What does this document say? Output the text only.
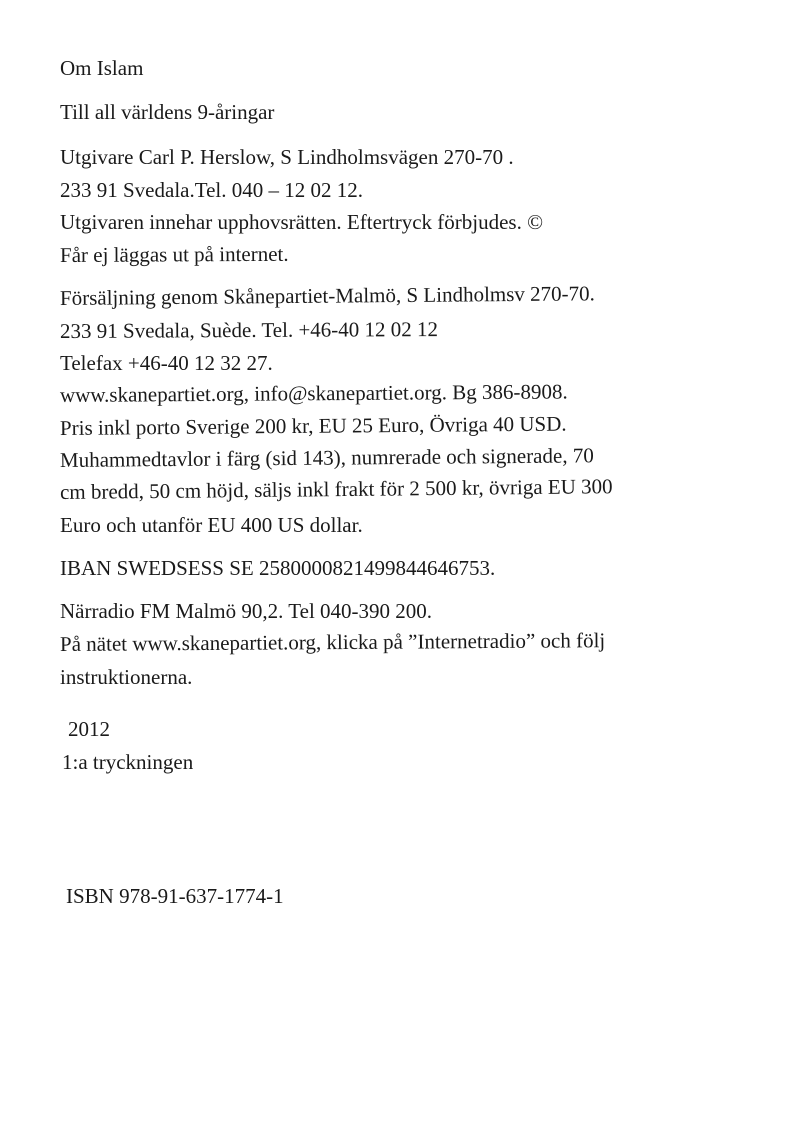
Om Islam
Till all världens 9-åringar
Utgivare Carl P. Herslow, S Lindholmsvägen 270-70 .
233 91 Svedala.Tel. 040 – 12 02 12.
Utgivaren innehar upphovsrätten. Eftertryck förbjudes. ©
Får ej läggas ut på internet.
Försäljning genom Skånepartiet-Malmö, S Lindholmsv 270-70.
233 91 Svedala, Suède. Tel. +46-40 12 02 12
Telefax +46-40 12 32 27.
www.skanepartiet.org, info@skanepartiet.org. Bg 386-8908.
Pris inkl porto Sverige 200 kr, EU 25 Euro, Övriga 40 USD.
Muhammedtavlor i färg (sid 143), numrerade och signerade, 70
cm bredd, 50 cm höjd, säljs inkl frakt för 2 500 kr, övriga EU 300
Euro och utanför EU 400 US dollar.
IBAN SWEDSESS SE 2580000821499844646753.
Närradio FM Malmö 90,2. Tel 040-390 200.
På nätet www.skanepartiet.org, klicka på ”Internetradio” och följ
instruktionerna.
2012
1:a tryckningen
ISBN 978-91-637-1774-1
